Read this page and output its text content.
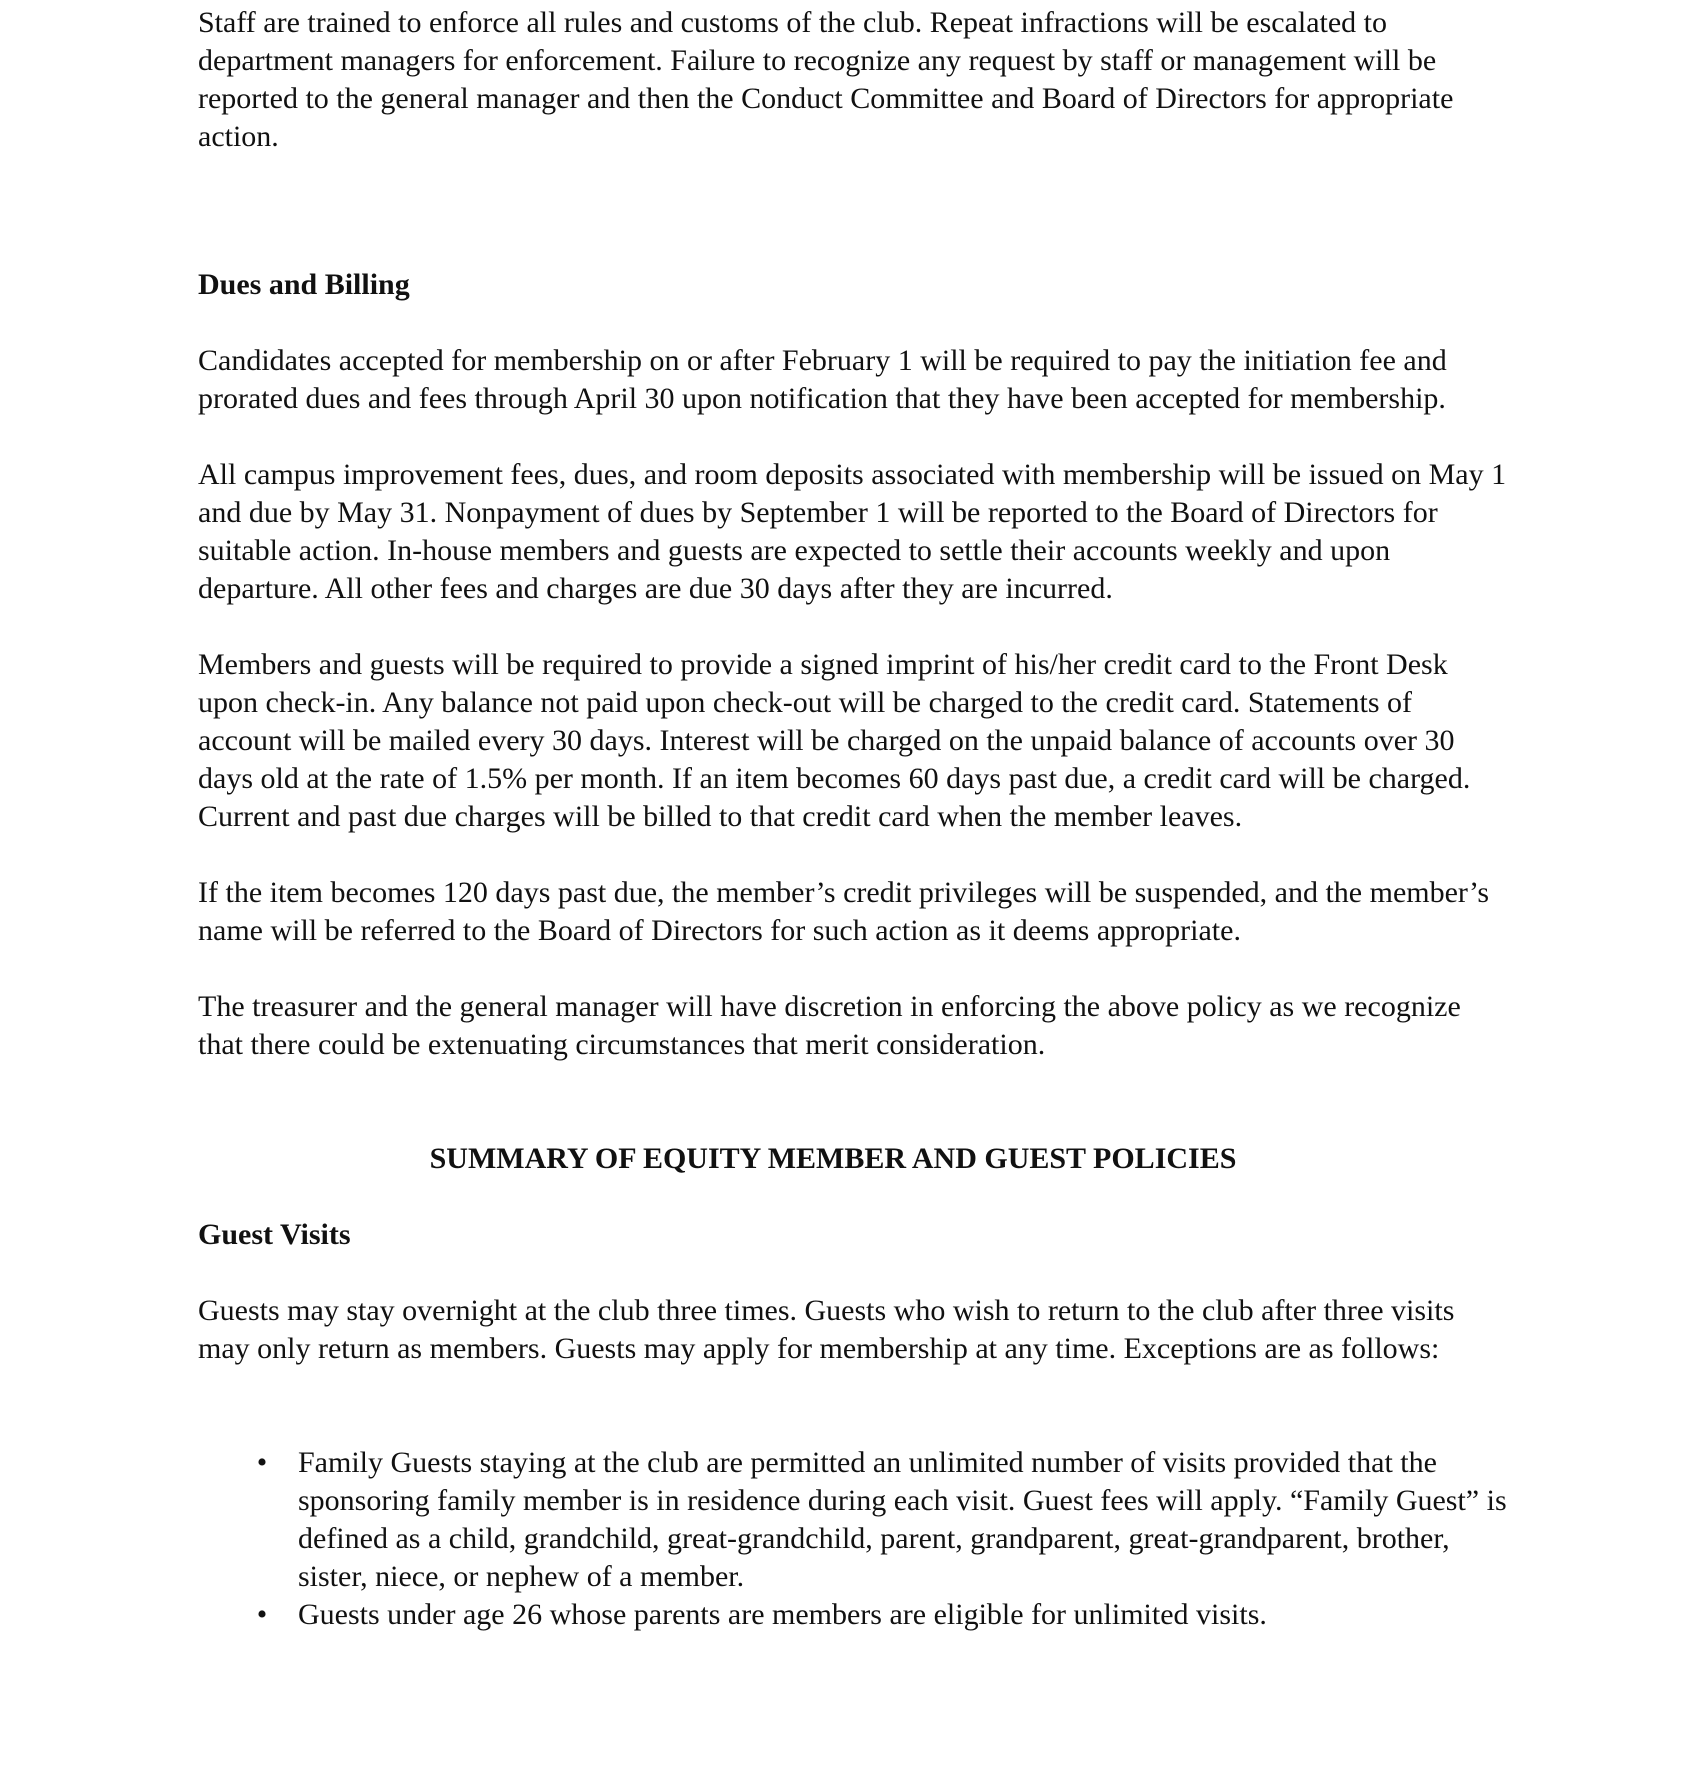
Staff are trained to enforce all rules and customs of the club. Repeat infractions will be escalated to department managers for enforcement. Failure to recognize any request by staff or management will be reported to the general manager and then the Conduct Committee and Board of Directors for appropriate action.

Dues and Billing

Candidates accepted for membership on or after February 1 will be required to pay the initiation fee and prorated dues and fees through April 30 upon notification that they have been accepted for membership.

All campus improvement fees, dues, and room deposits associated with membership will be issued on May 1 and due by May 31. Nonpayment of dues by September 1 will be reported to the Board of Directors for suitable action. In-house members and guests are expected to settle their accounts weekly and upon departure. All other fees and charges are due 30 days after they are incurred.

Members and guests will be required to provide a signed imprint of his/her credit card to the Front Desk upon check-in. Any balance not paid upon check-out will be charged to the credit card. Statements of account will be mailed every 30 days. Interest will be charged on the unpaid balance of accounts over 30 days old at the rate of 1.5% per month. If an item becomes 60 days past due, a credit card will be charged. Current and past due charges will be billed to that credit card when the member leaves.

If the item becomes 120 days past due, the member’s credit privileges will be suspended, and the member’s name will be referred to the Board of Directors for such action as it deems appropriate.

The treasurer and the general manager will have discretion in enforcing the above policy as we recognize that there could be extenuating circumstances that merit consideration.

SUMMARY OF EQUITY MEMBER AND GUEST POLICIES

Guest Visits

Guests may stay overnight at the club three times. Guests who wish to return to the club after three visits may only return as members. Guests may apply for membership at any time. Exceptions are as follows:

• Family Guests staying at the club are permitted an unlimited number of visits provided that the sponsoring family member is in residence during each visit. Guest fees will apply. “Family Guest” is defined as a child, grandchild, great-grandchild, parent, grandparent, great-grandparent, brother, sister, niece, or nephew of a member.
• Guests under age 26 whose parents are members are eligible for unlimited visits.
